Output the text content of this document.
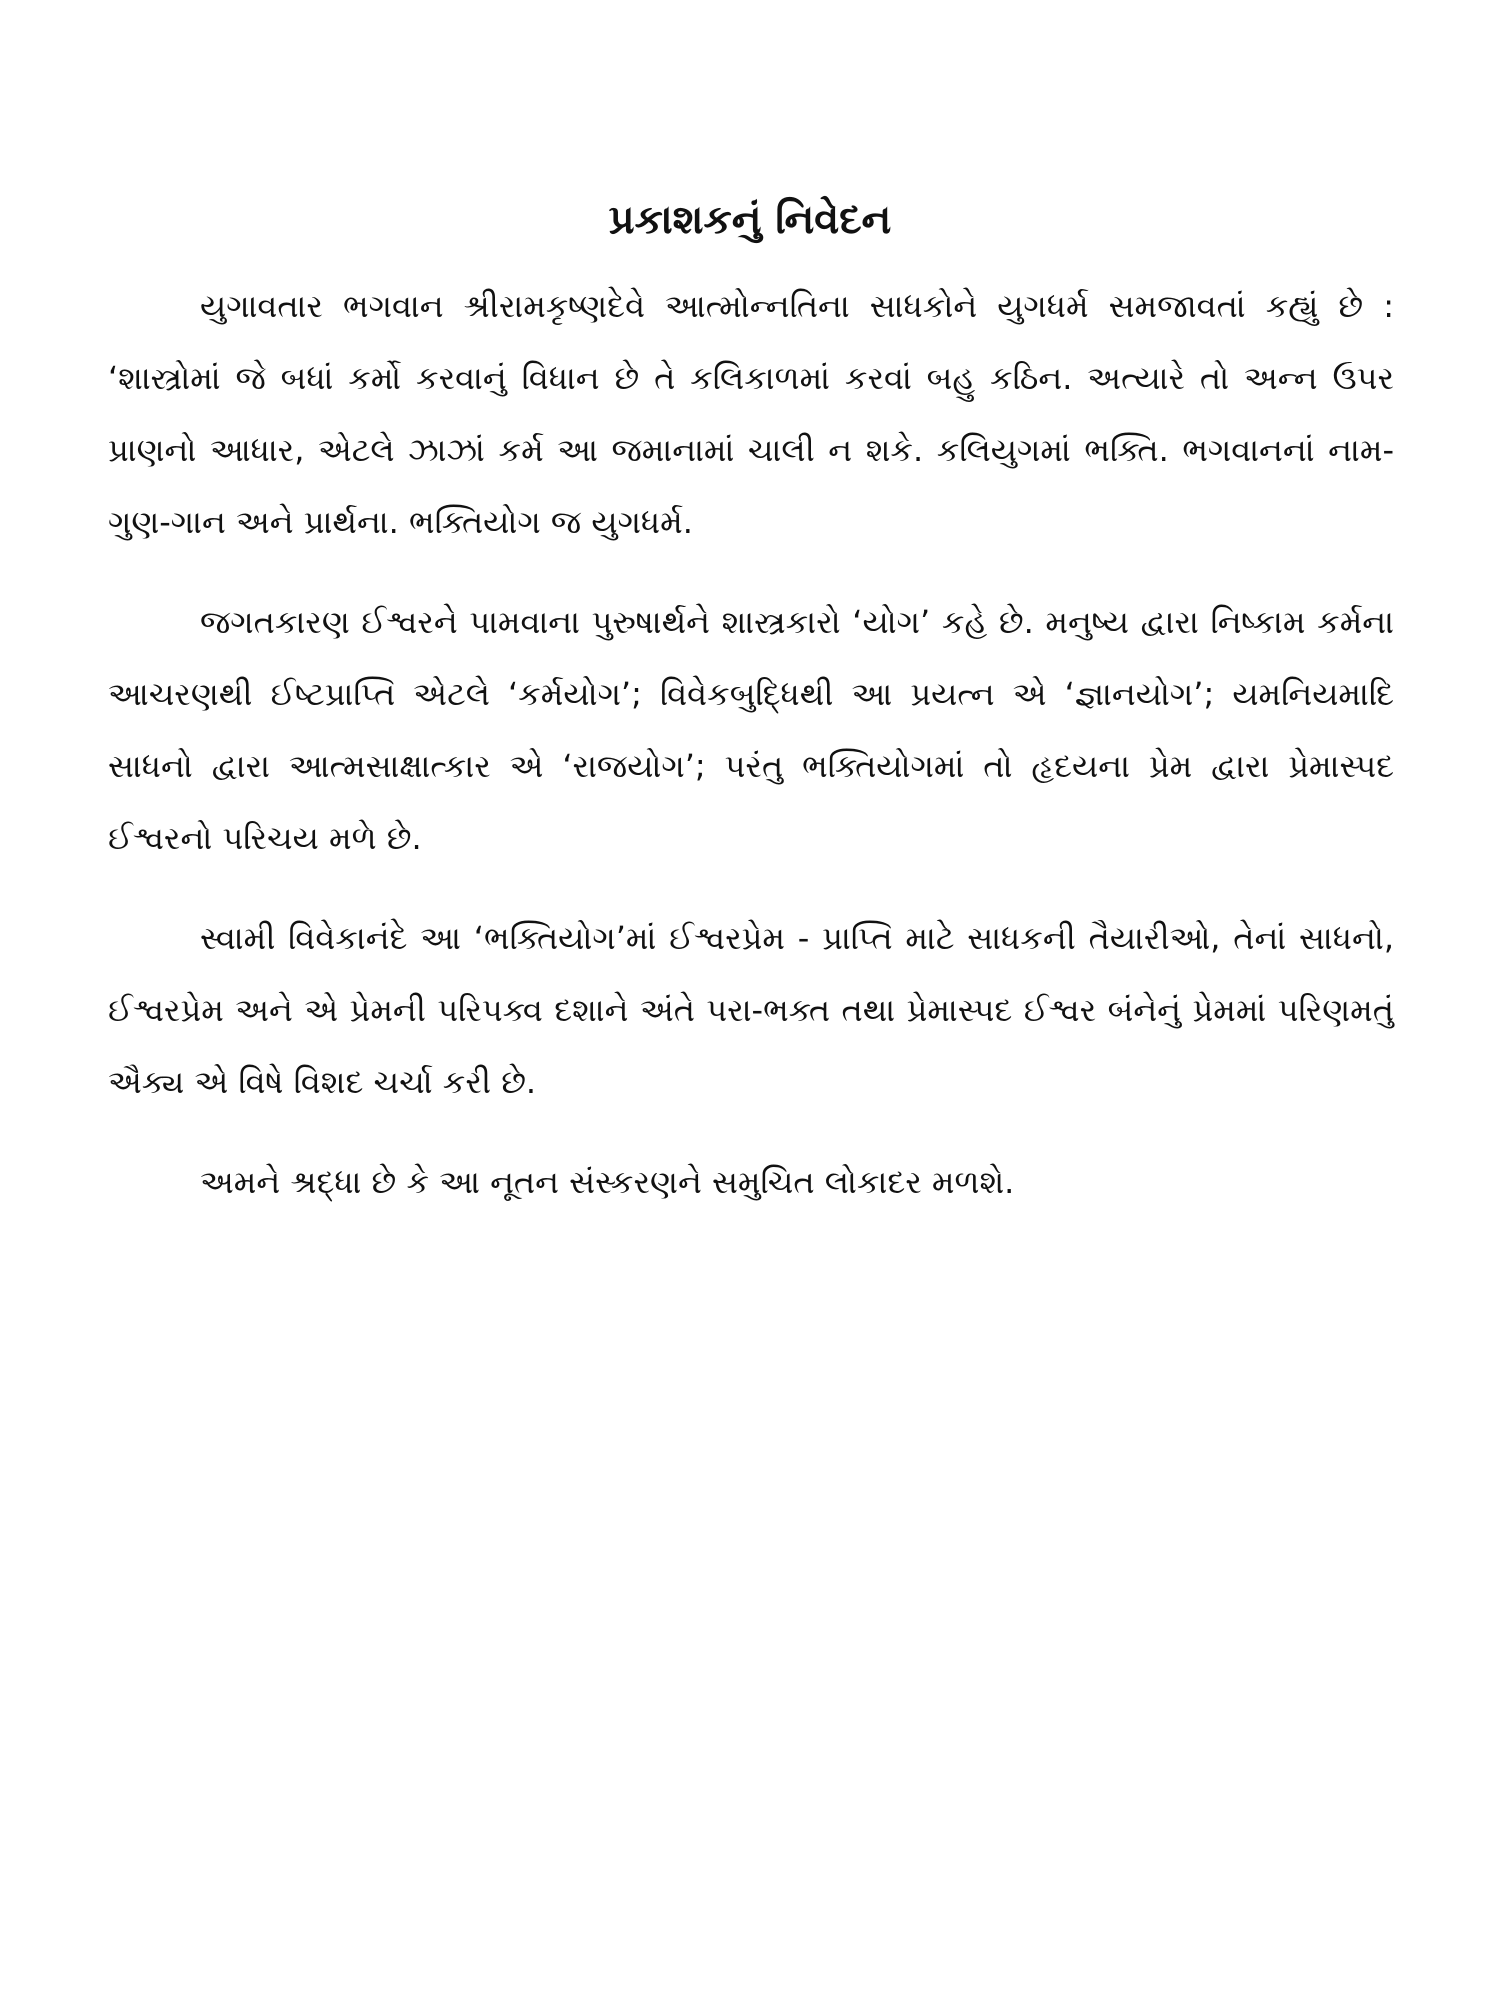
પ્રકાશકનું નિવેદન

યુગાવતાર ભગવાન શ્રીરામકૃષ્ણદેવે આત્મોન્નતિના સાધકોને યુગધર્મ સમજાવતાં કહ્યું છે : ‘શાસ્ત્રોમાં જે બધાં કર્મો કરવાનું વિધાન છે તે કલિકાળમાં કરવાં બહુ કઠિન. અત્યારે તો અન્ન ઉપર પ્રાણનો આધાર, એટલે ઝાઝાં કર્મ આ જમાનામાં ચાલી ન શકે. કલિયુગમાં ભક્તિ. ભગવાનનાં નામ-ગુણ-ગાન અને પ્રાર્થના. ભક્તિયોગ જ યુગધર્મ.

જગતકારણ ઈશ્વરને પામવાના પુરુષાર્થને શાસ્ત્રકારો ‘યોગ’ કહે છે. મનુષ્ય દ્વારા નિષ્કામ કર્મના આચરણથી ઈષ્ટપ્રાપ્તિ એટલે ‘કર્મયોગ’; વિવેકબુદ્ધિથી આ પ્રયત્ન એ ‘જ્ઞાનયોગ’; યમનિયમાદિ સાધનો દ્વારા આત્મસાક્ષાત્કાર એ ‘રાજયોગ’; પરંતુ ભક્તિયોગમાં તો હૃદયના પ્રેમ દ્વારા પ્રેમાસ્પદ ઈશ્વરનો પરિચય મળે છે.

સ્વામી વિવેકાનંદે આ ‘ભક્તિયોગ’માં ઈશ્વરપ્રેમ - પ્રાપ્તિ માટે સાધકની તૈયારીઓ, તેનાં સાધનો, ઈશ્વરપ્રેમ અને એ પ્રેમની પરિપક્વ દશાને અંતે પરા-ભક્ત તથા પ્રેમાસ્પદ ઈશ્વર બંનેનું પ્રેમમાં પરિણમતું ઐક્ય એ વિષે વિશદ ચર્ચા કરી છે.

અમને શ્રદ્ધા છે કે આ નૂતન સંસ્કરણને સમુચિત લોકાદર મળશે.
